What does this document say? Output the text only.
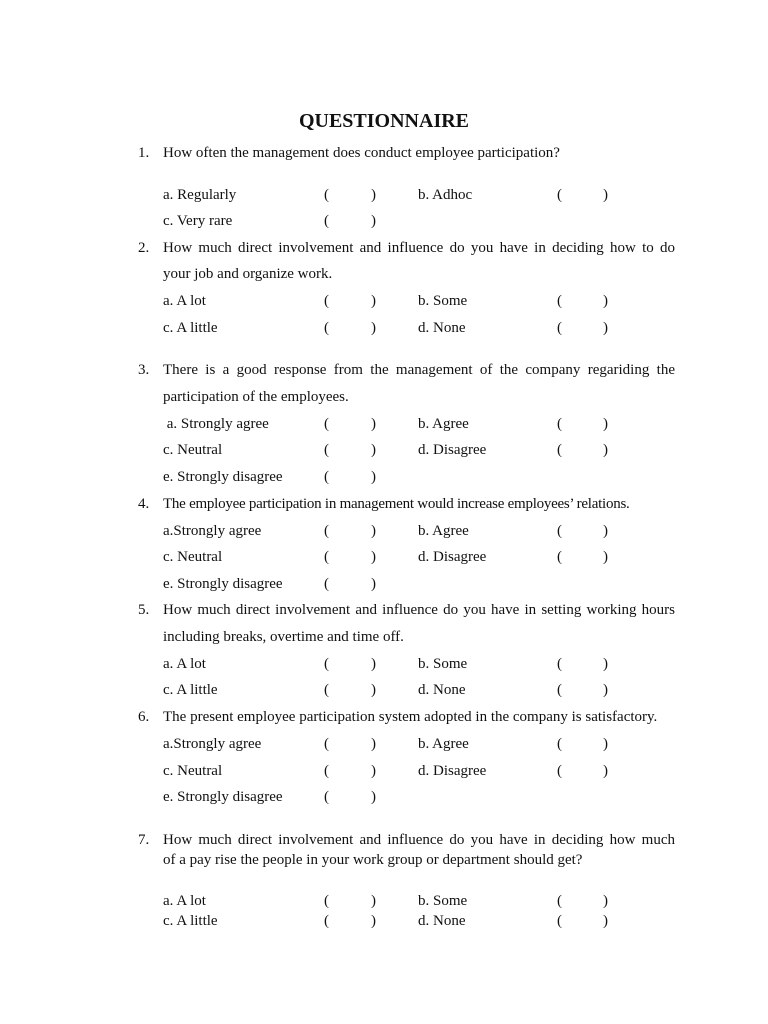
QUESTIONNAIRE
1. How often the management does conduct employee participation?
a. Regularly	(	)	b. Adhoc	(	)
c. Very rare	(	)
2. How much direct involvement and influence do you have in deciding how to do
your job and organize work.
a. A lot	(	)	b. Some	(	)
c. A little	(	)	d. None	(	)
3. There is a good response from the management of the company regariding the
participation of the employees.
a. Strongly agree	(	)	b. Agree	(	)
c. Neutral	(	)	d. Disagree	(	)
e. Strongly disagree	(	)
4. The employee participation in management would increase employees’ relations.
a.Strongly agree	(	)	b. Agree	(	)
c. Neutral	(	)	d. Disagree	(	)
e. Strongly disagree	(	)
5. How much direct involvement and influence do you have in setting working hours
including breaks, overtime and time off.
a. A lot	(	)	b. Some	(	)
c. A little	(	)	d. None	(	)
6. The present employee participation system adopted in the company is satisfactory.
a.Strongly agree	(	)	b. Agree	(	)
c. Neutral	(	)	d. Disagree	(	)
e. Strongly disagree	(	)
7. How much direct involvement and influence do you have in deciding how much
of a pay rise the people in your work group or department should get?
a. A lot	(	)	b. Some	(	)
c. A little	(	)	d. None	(	)
